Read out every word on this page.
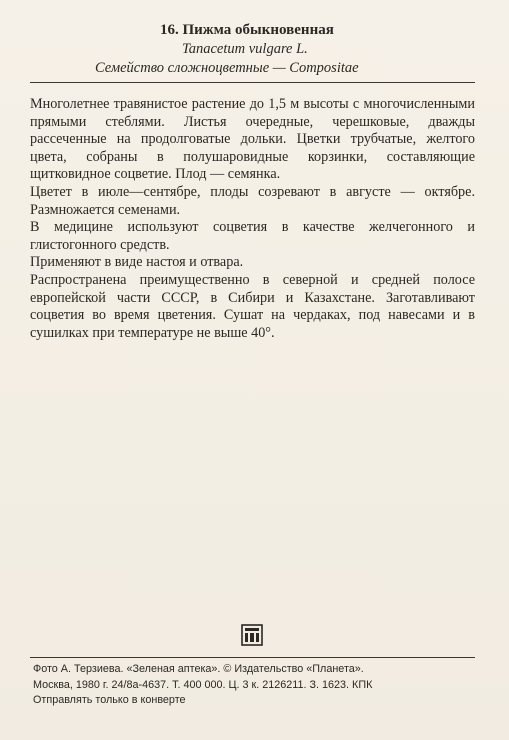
16. Пижма обыкновенная
Tanacetum vulgare L.
Семейство сложноцветные — Compositae

Многолетнее травянистое растение до 1,5 м высоты с многочисленными прямыми стеблями. Листья очередные, черешковые, дважды рассеченные на продолговатые дольки. Цветки трубчатые, желтого цвета, собраны в полушаровидные корзинки, составляющие щитковидное соцветие. Плод — семянка.

Цветет в июле—сентябре, плоды созревают в августе — октябре. Размножается семенами.

В медицине используют соцветия в качестве желчегонного и глистогонного средств.

Применяют в виде настоя и отвара.

Распространена преимущественно в северной и средней полосе европейской части СССР, в Сибири и Казахстане. Заготавливают соцветия во время цветения. Сушат на чердаках, под навесами и в сушилках при температуре не выше 40°.

Фото А. Терзиева. «Зеленая аптека». © Издательство «Планета».
Москва, 1980 г. 24/8а-4637. Т. 400 000. Ц. 3 к. 2126211. З. 1623. КПК
Отправлять только в конверте
